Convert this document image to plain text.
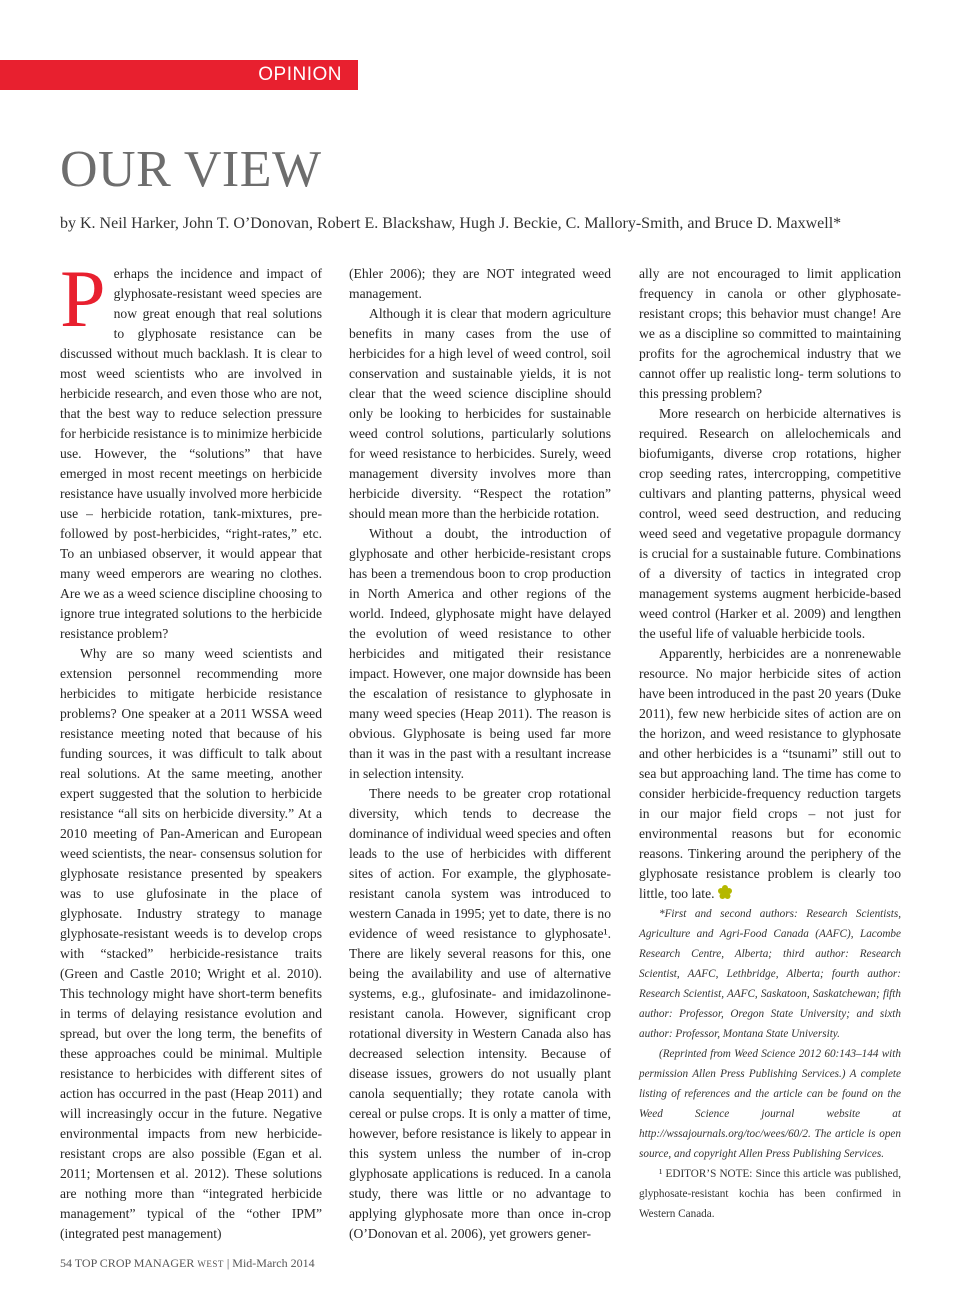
OPINION
OUR VIEW
by K. Neil Harker, John T. O’Donovan, Robert E. Blackshaw, Hugh J. Beckie, C. Mallory-Smith, and Bruce D. Maxwell*

Perhaps the incidence and impact of glyphosate-resistant weed species are now great enough that real solutions to glyphosate resistance can be discussed without much backlash. It is clear to most weed scientists who are involved in herbicide research, and even those who are not, that the best way to reduce selection pressure for herbicide resistance is to minimize herbicide use. However, the “solutions” that have emerged in most recent meetings on herbicide resistance have usually involved more herbicide use – herbicide rotation, tank-mixtures, pre- followed by post-herbicides, “right-rates,” etc. To an unbiased observer, it would appear that many weed emperors are wearing no clothes. Are we as a weed science discipline choosing to ignore true integrated solutions to the herbicide resistance problem?

Why are so many weed scientists and extension personnel recommending more herbicides to mitigate herbicide resistance problems? One speaker at a 2011 WSSA weed resistance meeting noted that because of his funding sources, it was difficult to talk about real solutions. At the same meeting, another expert suggested that the solution to herbicide resistance “all sits on herbicide diversity.” At a 2010 meeting of Pan-American and European weed scientists, the near- consensus solution for glyphosate resistance presented by speakers was to use glufosinate in the place of glyphosate. Industry strategy to manage glyphosate-resistant weeds is to develop crops with “stacked” herbicide-resistance traits (Green and Castle 2010; Wright et al. 2010). This technology might have short-term benefits in terms of delaying resistance evolution and spread, but over the long term, the benefits of these approaches could be minimal. Multiple resistance to herbicides with different sites of action has occurred in the past (Heap 2011) and will increasingly occur in the future. Negative environmental impacts from new herbicide-resistant crops are also possible (Egan et al. 2011; Mortensen et al. 2012). These solutions are nothing more than “integrated herbicide management” typical of the “other IPM” (integrated pest management)

(Ehler 2006); they are NOT integrated weed management.

Although it is clear that modern agriculture benefits in many cases from the use of herbicides for a high level of weed control, soil conservation and sustainable yields, it is not clear that the weed science discipline should only be looking to herbicides for sustainable weed control solutions, particularly solutions for weed resistance to herbicides. Surely, weed management diversity involves more than herbicide diversity. “Respect the rotation” should mean more than the herbicide rotation.

Without a doubt, the introduction of glyphosate and other herbicide-resistant crops has been a tremendous boon to crop production in North America and other regions of the world. Indeed, glyphosate might have delayed the evolution of weed resistance to other herbicides and mitigated their resistance impact. However, one major downside has been the escalation of resistance to glyphosate in many weed species (Heap 2011). The reason is obvious. Glyphosate is being used far more than it was in the past with a resultant increase in selection intensity.

There needs to be greater crop rotational diversity, which tends to decrease the dominance of individual weed species and often leads to the use of herbicides with different sites of action. For example, the glyphosate-resistant canola system was introduced to western Canada in 1995; yet to date, there is no evidence of weed resistance to glyphosate¹. There are likely several reasons for this, one being the availability and use of alternative systems, e.g., glufosinate- and imidazolinone-resistant canola. However, significant crop rotational diversity in Western Canada also has decreased selection intensity. Because of disease issues, growers do not usually plant canola sequentially; they rotate canola with cereal or pulse crops. It is only a matter of time, however, before resistance is likely to appear in this system unless the number of in-crop glyphosate applications is reduced. In a canola study, there was little or no advantage to applying glyphosate more than once in-crop (O’Donovan et al. 2006), yet growers gener-

ally are not encouraged to limit application frequency in canola or other glyphosate-resistant crops; this behavior must change! Are we as a discipline so committed to maintaining profits for the agrochemical industry that we cannot offer up realistic long- term solutions to this pressing problem?

More research on herbicide alternatives is required. Research on allelochemicals and biofumigants, diverse crop rotations, higher crop seeding rates, intercropping, competitive cultivars and planting patterns, physical weed control, weed seed destruction, and reducing weed seed and vegetative propagule dormancy is crucial for a sustainable future. Combinations of a diversity of tactics in integrated crop management systems augment herbicide-based weed control (Harker et al. 2009) and lengthen the useful life of valuable herbicide tools.

Apparently, herbicides are a nonrenewable resource. No major herbicide sites of action have been introduced in the past 20 years (Duke 2011), few new herbicide sites of action are on the horizon, and weed resistance to glyphosate and other herbicides is a “tsunami” still out to sea but approaching land. The time has come to consider herbicide-frequency reduction targets in our major field crops – not just for environmental reasons but for economic reasons. Tinkering around the periphery of the glyphosate resistance problem is clearly too little, too late.

*First and second authors: Research Scientists, Agriculture and Agri-Food Canada (AAFC), Lacombe Research Centre, Alberta; third author: Research Scientist, AAFC, Lethbridge, Alberta; fourth author: Research Scientist, AAFC, Saskatoon, Saskatchewan; fifth author: Professor, Oregon State University; and sixth author: Professor, Montana State University.

(Reprinted from Weed Science 2012 60:143–144 with permission Allen Press Publishing Services.) A complete listing of references and the article can be found on the Weed Science journal website at http://wssajournals.org/toc/wees/60/2. The article is open source, and copyright Allen Press Publishing Services.

¹ EDITOR’S NOTE: Since this article was published, glyphosate-resistant kochia has been confirmed in Western Canada.

54 TOP CROP MANAGER WEST | Mid-March 2014
